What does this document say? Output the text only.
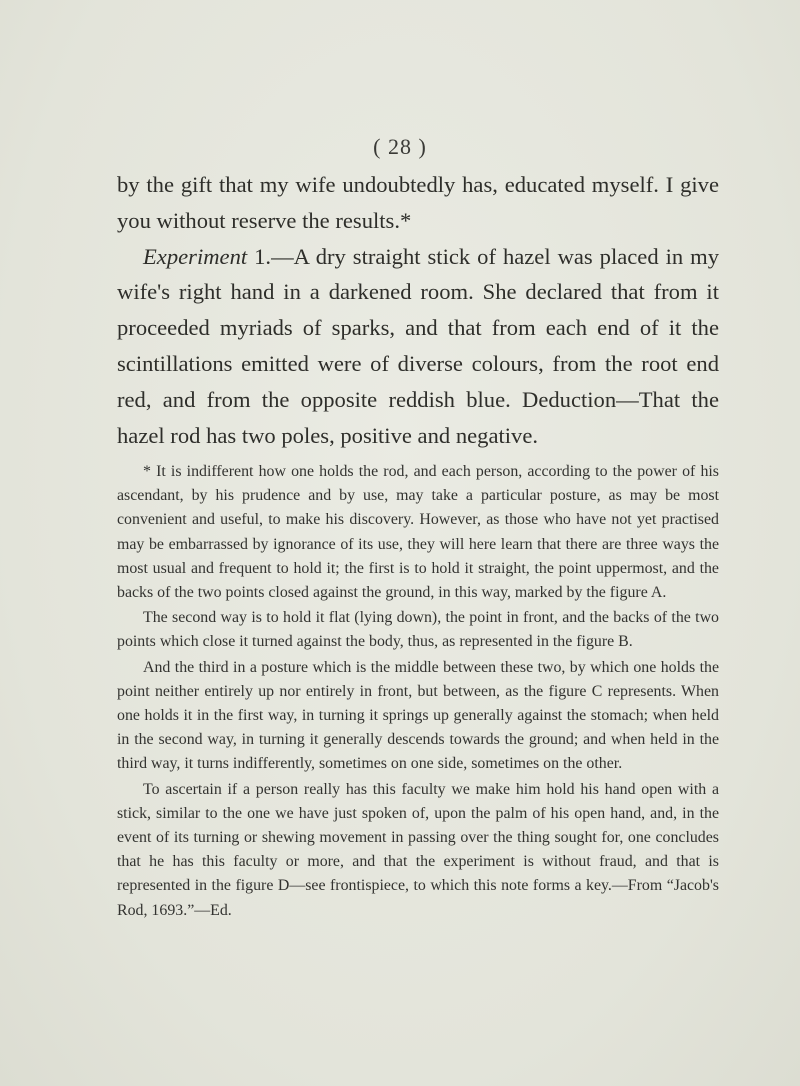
( 28 )

by the gift that my wife undoubtedly has, educated myself. I give you without reserve the results.*

Experiment 1.—A dry straight stick of hazel was placed in my wife's right hand in a darkened room. She declared that from it proceeded myriads of sparks, and that from each end of it the scintillations emitted were of diverse colours, from the root end red, and from the opposite reddish blue. Deduction—That the hazel rod has two poles, positive and negative.

* It is indifferent how one holds the rod, and each person, according to the power of his ascendant, by his prudence and by use, may take a particular posture, as may be most convenient and useful, to make his discovery. However, as those who have not yet practised may be embarrassed by ignorance of its use, they will here learn that there are three ways the most usual and frequent to hold it; the first is to hold it straight, the point uppermost, and the backs of the two points closed against the ground, in this way, marked by the figure A.

The second way is to hold it flat (lying down), the point in front, and the backs of the two points which close it turned against the body, thus, as represented in the figure B.

And the third in a posture which is the middle between these two, by which one holds the point neither entirely up nor entirely in front, but between, as the figure C represents. When one holds it in the first way, in turning it springs up generally against the stomach; when held in the second way, in turning it generally descends towards the ground; and when held in the third way, it turns indifferently, sometimes on one side, sometimes on the other.

To ascertain if a person really has this faculty we make him hold his hand open with a stick, similar to the one we have just spoken of, upon the palm of his open hand, and, in the event of its turning or shewing movement in passing over the thing sought for, one concludes that he has this faculty or more, and that the experiment is without fraud, and that is represented in the figure D—see frontispiece, to which this note forms a key.—From “Jacob's Rod, 1693.”—Ed.
